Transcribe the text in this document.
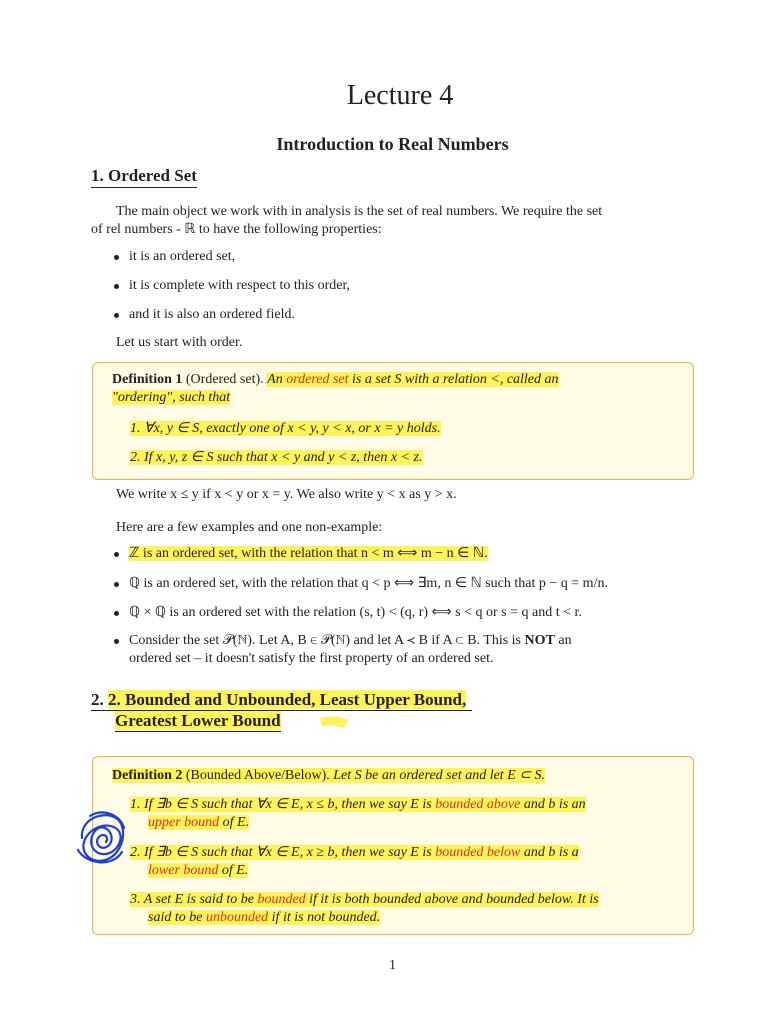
Lecture 4
Introduction to Real Numbers
1. Ordered Set
The main object we work with in analysis is the set of real numbers. We require the set
of rel numbers - ℝ to have the following properties:
it is an ordered set,
it is complete with respect to this order,
and it is also an ordered field.
Let us start with order.
Definition 1 (Ordered set). An ordered set is a set S with a relation <, called an
"ordering", such that
1. ∀x, y ∈ S, exactly one of x < y, y < x, or x = y holds.
2. If x, y, z ∈ S such that x < y and y < z, then x < z.
We write x ≤ y if x < y or x = y. We also write y < x as y > x.
Here are a few examples and one non-example:
ℤ is an ordered set, with the relation that n < m ⟺ m − n ∈ ℕ.
ℚ is an ordered set, with the relation that q < p ⟺ ∃m, n ∈ ℕ such that p − q = m/n.
ℚ × ℚ is an ordered set with the relation (s, t) < (q, r) ⟺ s < q or s = q and t < r.
Consider the set 𝒫(ℕ). Let A, B ∈ 𝒫(ℕ) and let A ≺ B if A ⊂ B. This is NOT an
ordered set – it doesn't satisfy the first property of an ordered set.
2. 2. Bounded and Unbounded, Least Upper Bound,
Greatest Lower Bound
Definition 2 (Bounded Above/Below). Let S be an ordered set and let E ⊂ S.
1. If ∃b ∈ S such that ∀x ∈ E, x ≤ b, then we say E is bounded above and b is an
upper bound of E.
2. If ∃b ∈ S such that ∀x ∈ E, x ≥ b, then we say E is bounded below and b is a
lower bound of E.
3. A set E is said to be bounded if it is both bounded above and bounded below. It is
said to be unbounded if it is not bounded.
1
